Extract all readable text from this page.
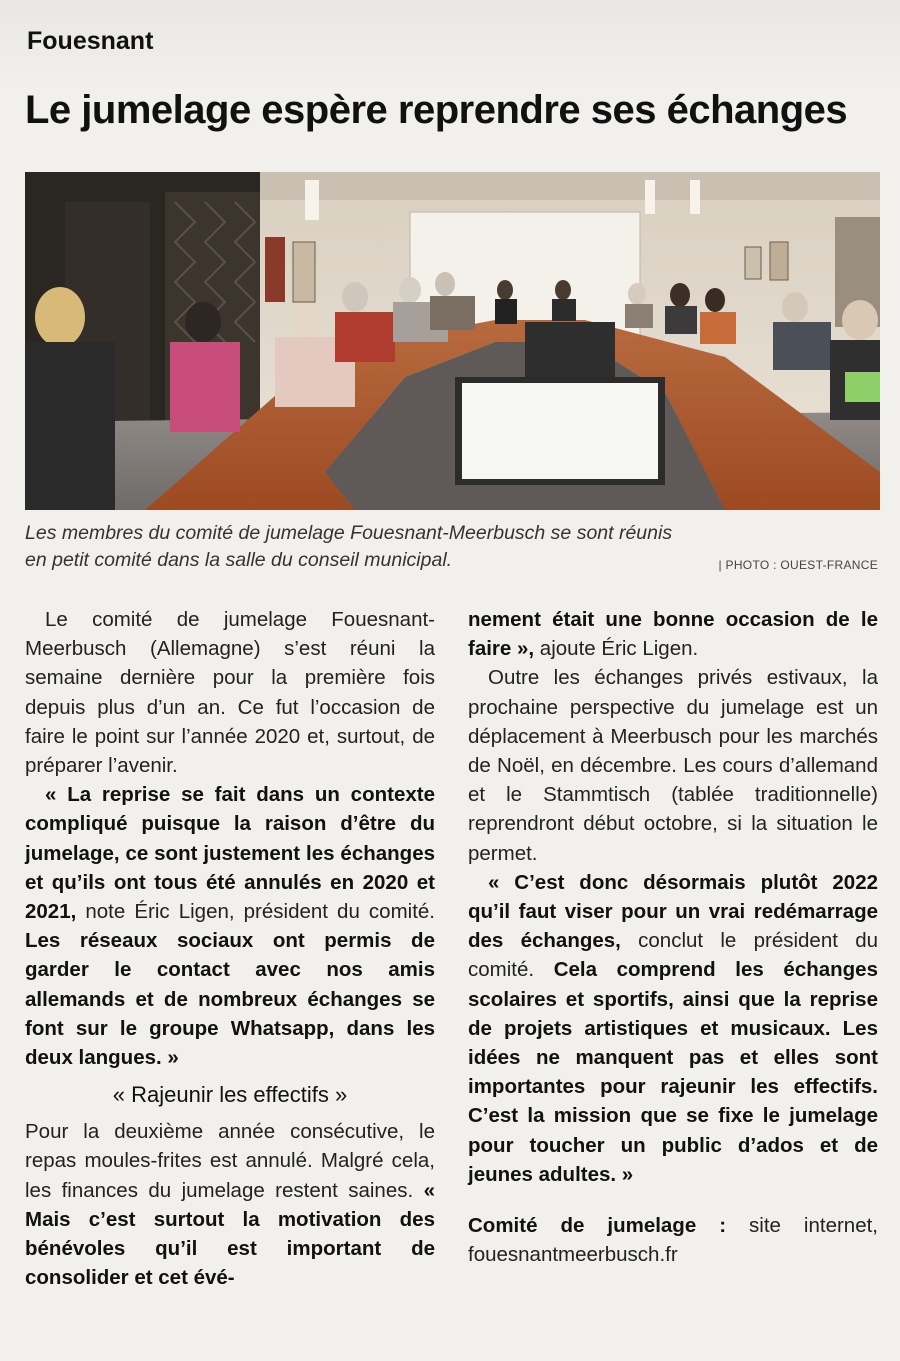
Fouesnant
Le jumelage espère reprendre ses échanges
Les membres du comité de jumelage Fouesnant-Meerbusch se sont réunis
en petit comité dans la salle du conseil municipal.	| PHOTO : OUEST-FRANCE

Le comité de jumelage Fouesnant-Meerbusch (Allemagne) s’est réuni la semaine dernière pour la première fois depuis plus d’un an. Ce fut l’occasion de faire le point sur l’année 2020 et, surtout, de préparer l’avenir.

« La reprise se fait dans un contexte compliqué puisque la raison d’être du jumelage, ce sont justement les échanges et qu’ils ont tous été annulés en 2020 et 2021, note Éric Ligen, président du comité. Les réseaux sociaux ont permis de garder le contact avec nos amis allemands et de nombreux échanges se font sur le groupe Whatsapp, dans les deux langues. »

« Rajeunir les effectifs »

Pour la deuxième année consécutive, le repas moules-frites est annulé. Malgré cela, les finances du jumelage restent saines. « Mais c’est surtout la motivation des bénévoles qu’il est important de consolider et cet évé-

nement était une bonne occasion de le faire », ajoute Éric Ligen.

Outre les échanges privés estivaux, la prochaine perspective du jumelage est un déplacement à Meerbusch pour les marchés de Noël, en décembre. Les cours d’allemand et le Stammtisch (tablée traditionnelle) reprendront début octobre, si la situation le permet.

« C’est donc désormais plutôt 2022 qu’il faut viser pour un vrai redémarrage des échanges, conclut le président du comité. Cela comprend les échanges scolaires et sportifs, ainsi que la reprise de projets artistiques et musicaux. Les idées ne manquent pas et elles sont importantes pour rajeunir les effectifs. C’est la mission que se fixe le jumelage pour toucher un public d’ados et de jeunes adultes. »

Comité de jumelage : site internet, fouesnantmeerbusch.fr
